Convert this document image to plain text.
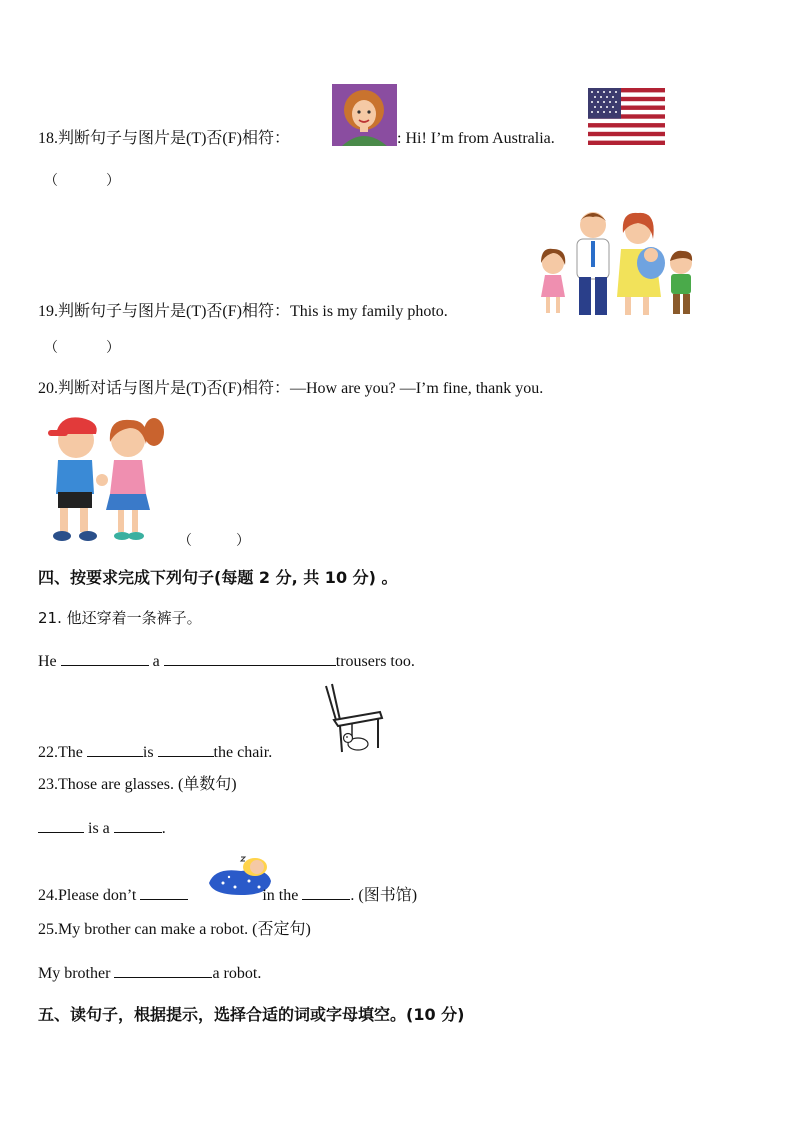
18.判断句子与图片是(T)否(F)相符：	: Hi! I’m from Australia.
（	）
19.判断句子与图片是(T)否(F)相符：This is my family photo.
（	）
20.判断对话与图片是(T)否(F)相符：—How are you? —I’m fine, thank you.
（	）
四、按要求完成下列句子(每题 2 分, 共 10 分) 。
21. 他还穿着一条裤子。
He	a	trousers too.
22.The	is	the chair.
23.Those are glasses. (单数句)
is a	.
24.Please don’t	in the	. (图书馆)
25.My brother can make a robot. (否定句)
My brother	a robot.
五、读句子，根据提示，选择合适的词或字母填空。(10 分)
